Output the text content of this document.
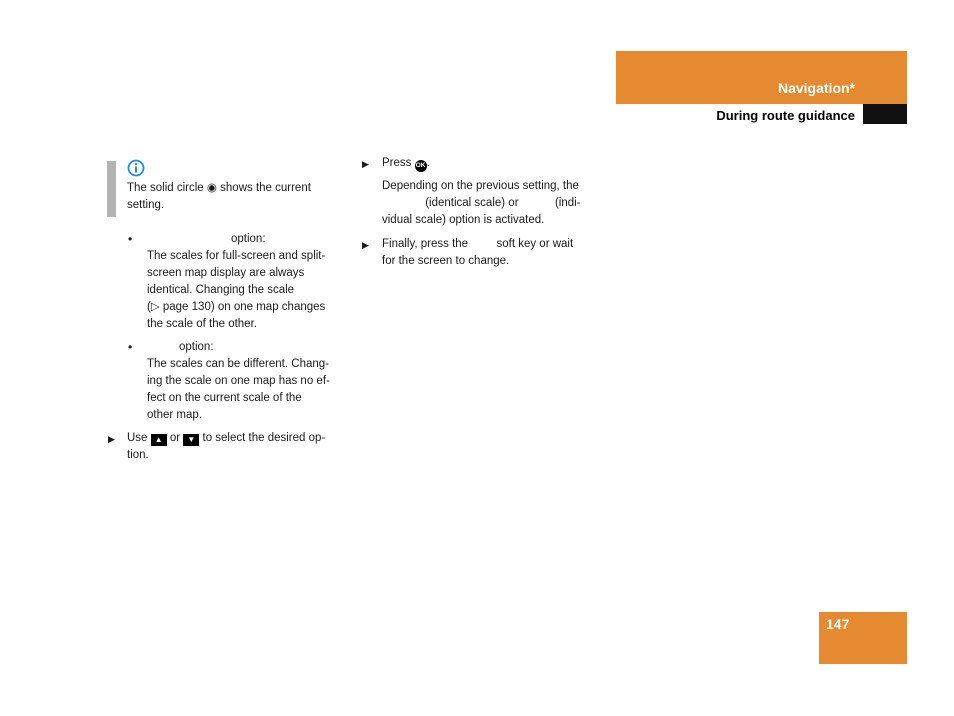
Navigation*
During route guidance
The solid circle ◉ shows the current
setting.
•	option:
The scales for full-screen and split-
screen map display are always
identical. Changing the scale
(▷ page 130) on one map changes
the scale of the other.
•	option:
The scales can be different. Chang-
ing the scale on one map has no ef-
fect on the current scale of the
other map.
▶ Use ▲ or ▼ to select the desired op-
tion.
▶ Press OK.
Depending on the previous setting, the
(identical scale) or	(indi-
vidual scale) option is activated.
▶ Finally, press the soft key or wait
for the screen to change.
147
